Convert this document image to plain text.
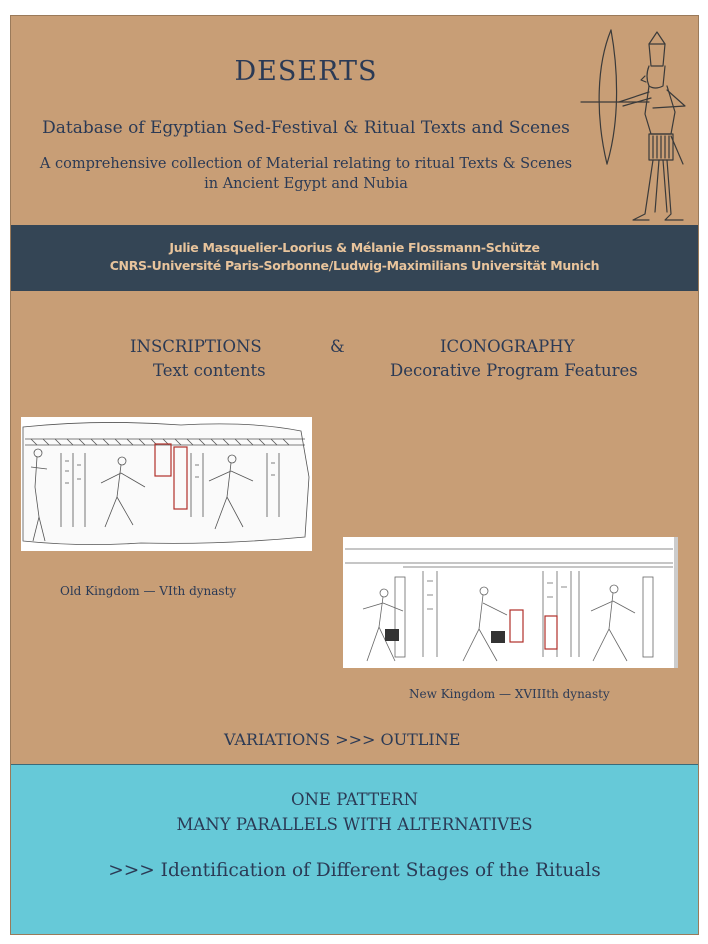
DESERTS
Database of Egyptian Sed-Festival & Ritual Texts and Scenes
A comprehensive collection of Material relating to ritual Texts & Scenes
in Ancient Egypt and Nubia
Julie Masquelier-Loorius & Mélanie Flossmann-Schütze
CNRS-Université Paris-Sorbonne/Ludwig-Maximilians Universität Munich
INSCRIPTIONS	&	ICONOGRAPHY
Text contents	Decorative Program Features
Old Kingdom — VIth dynasty
New Kingdom — XVIIIth dynasty
VARIATIONS >>> OUTLINE
ONE PATTERN
MANY PARALLELS WITH ALTERNATIVES
>>> Identification of Different Stages of the Rituals
